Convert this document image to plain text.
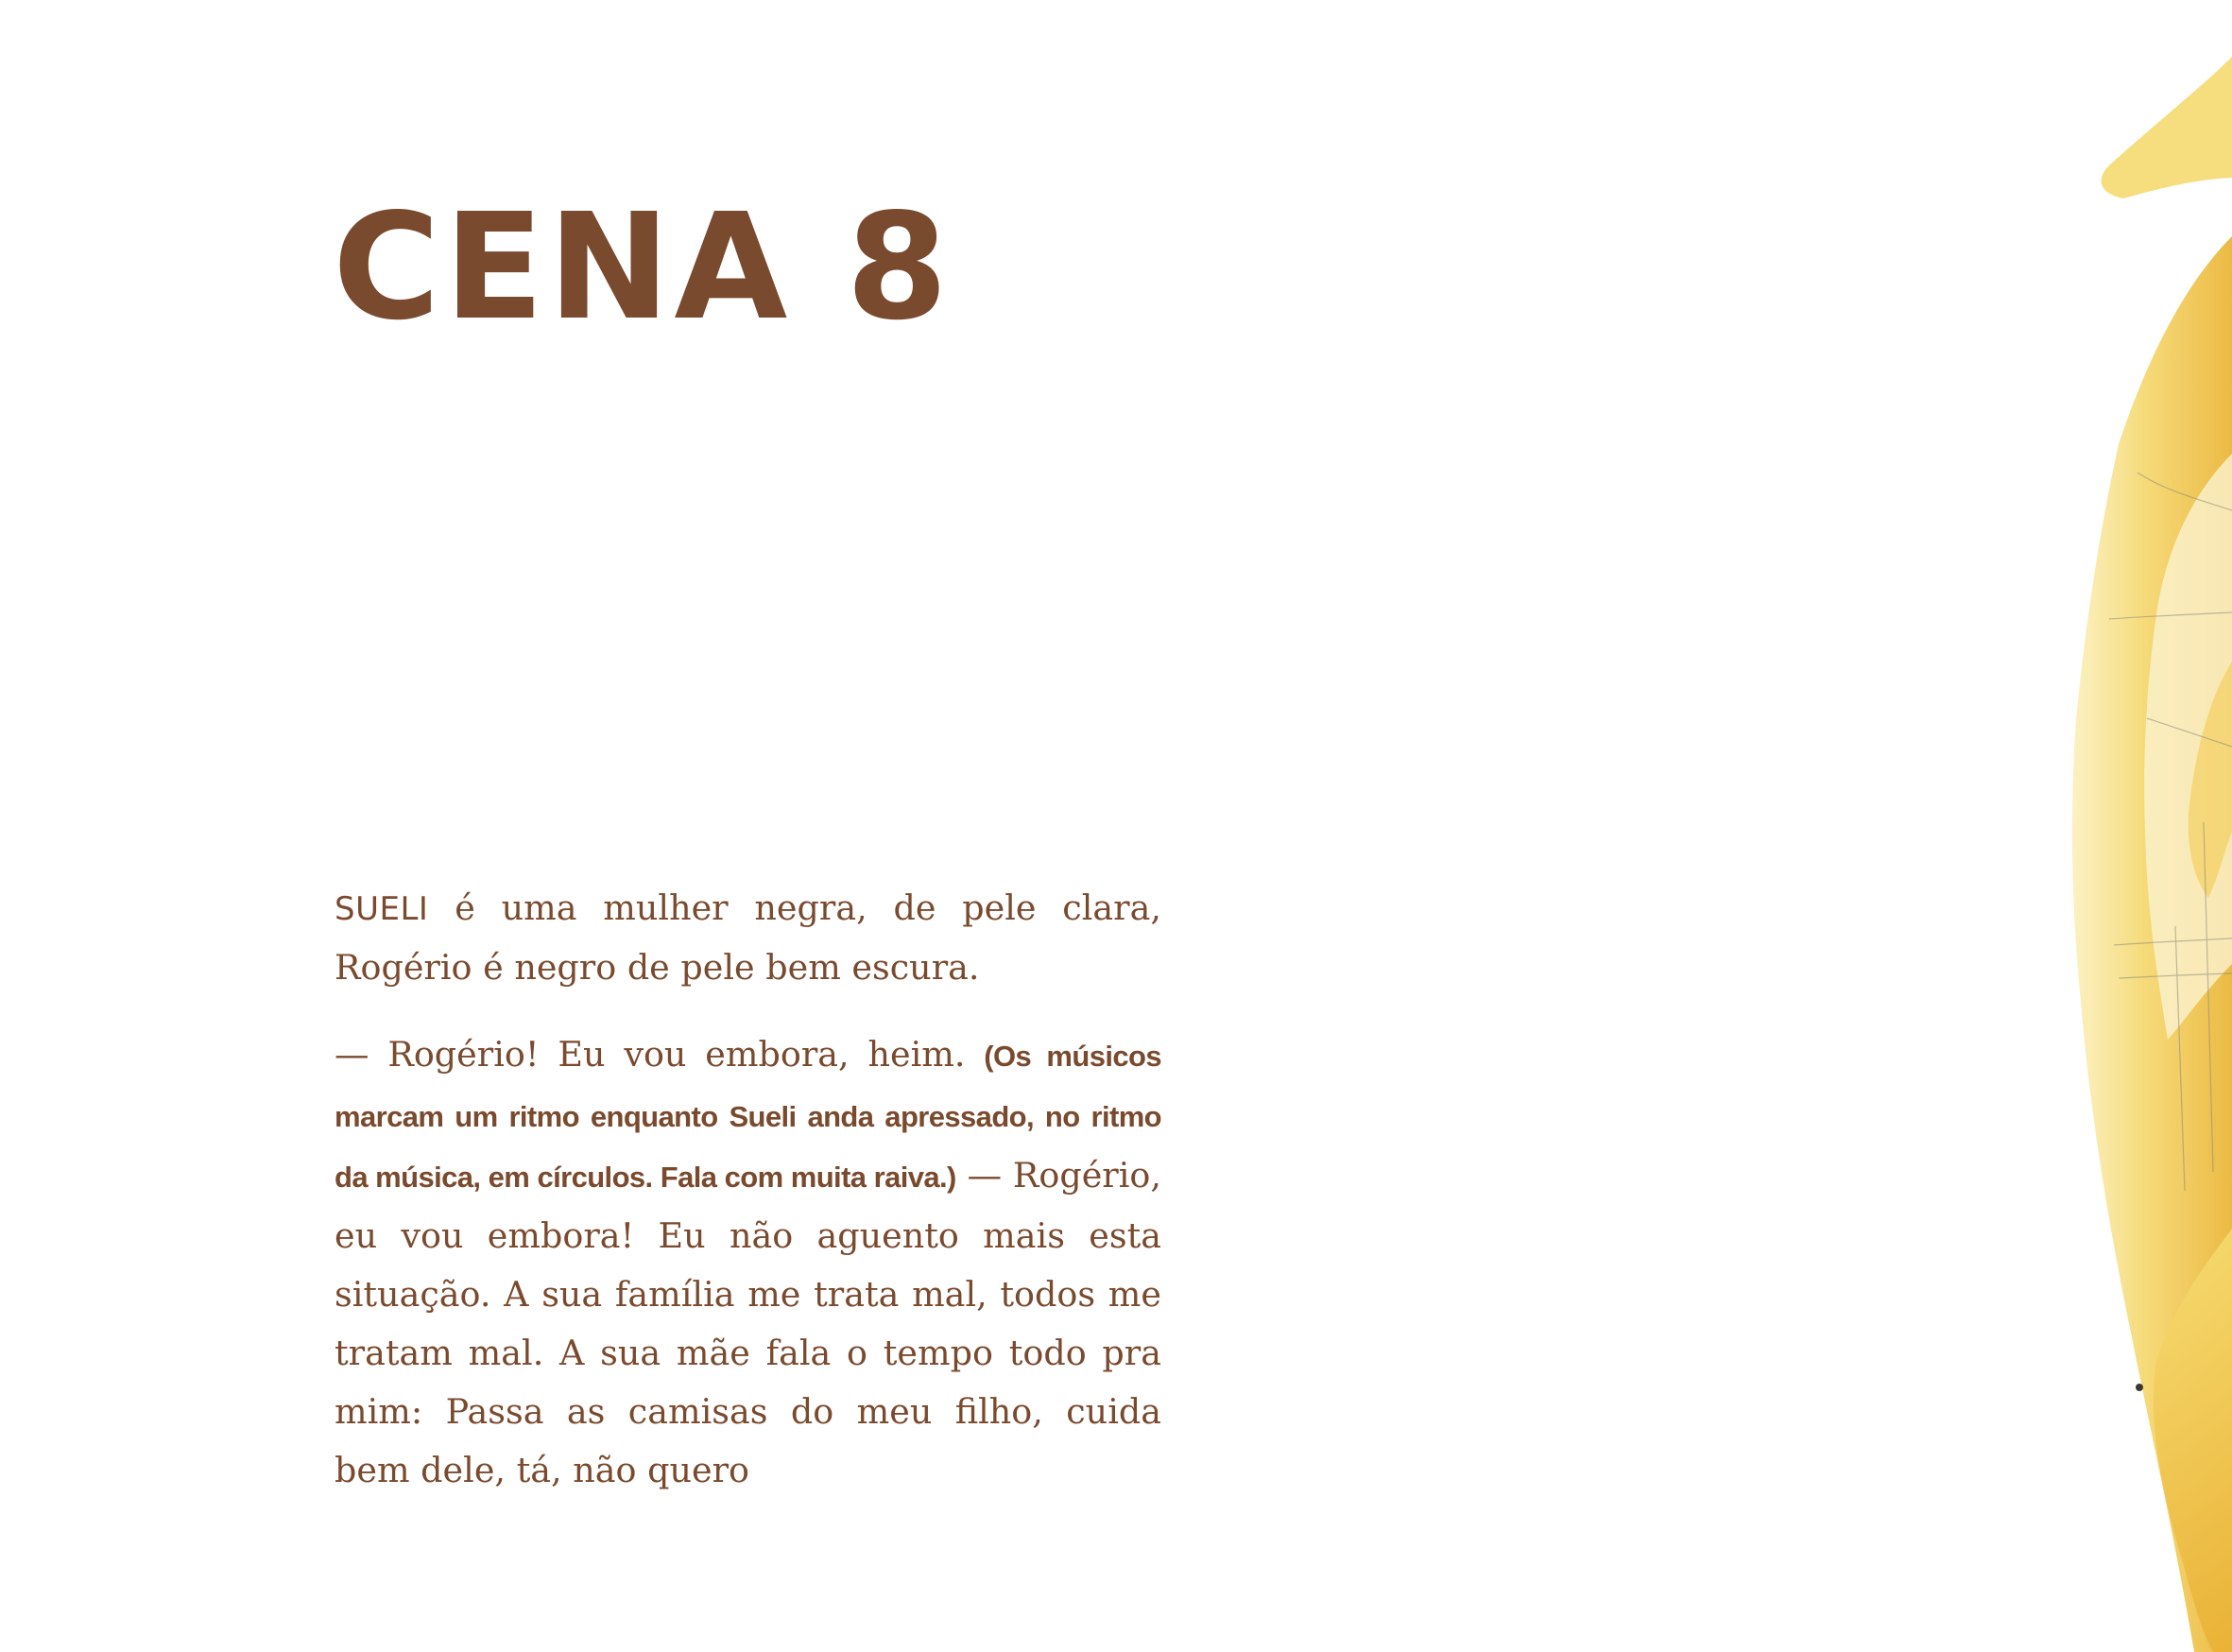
CENA 8

SUELI é uma mulher negra, de pele clara, Rogério é negro de pele bem escura.

— Rogério! Eu vou embora, heim. (Os músicos marcam um ritmo enquanto Sueli anda apressado, no ritmo da música, em círculos. Fala com muita raiva.) — Rogério, eu vou embora! Eu não aguento mais esta situação. A sua família me trata mal, todos me tratam mal. A sua mãe fala o tempo todo pra mim: Passa as camisas do meu filho, cuida bem dele, tá, não quero
